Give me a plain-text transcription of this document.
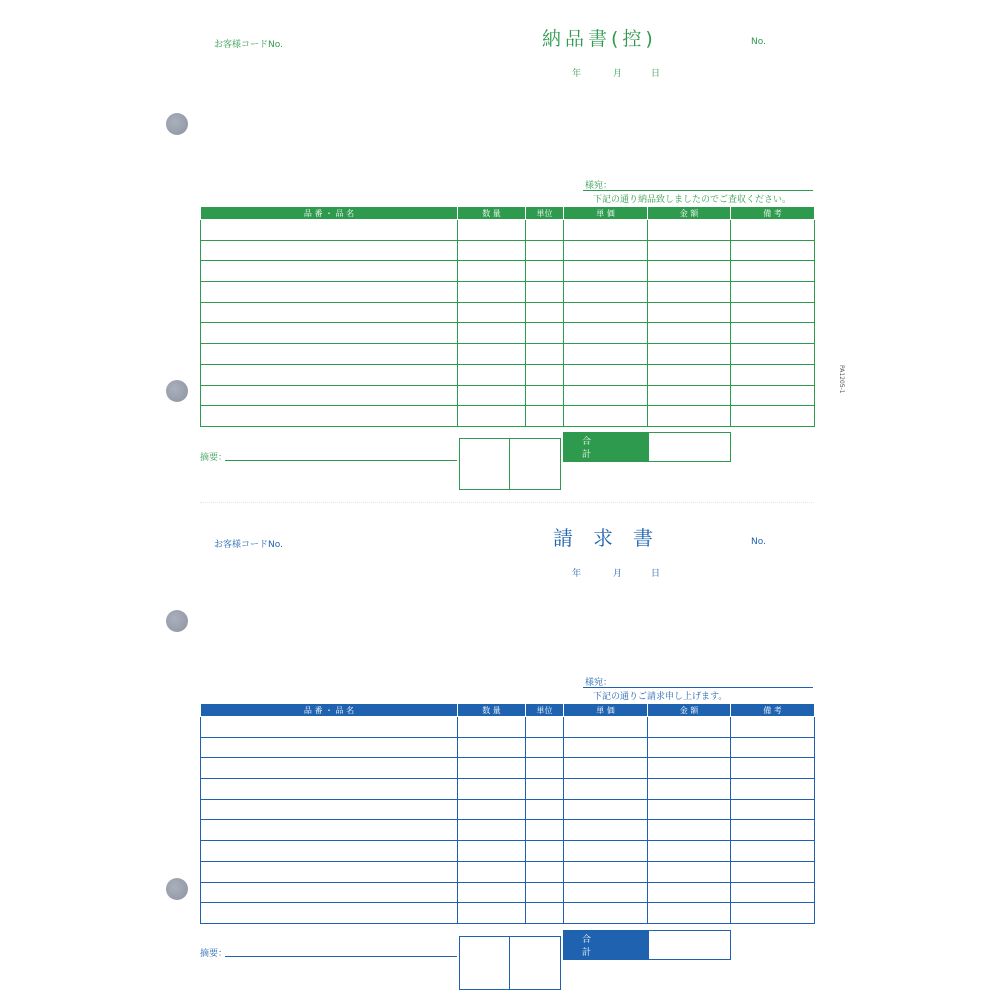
お客様コードNo.	納品書(控)	No.
年	月	日
様宛：
下記の通り納品致しましたのでご査収ください。
品 番 ・ 品 名	数 量	単位	単 価	金 額	備 考

摘要：
合 計
PA1205-1
お客様コードNo.	請求書	No.
年	月	日
様宛：
下記の通りご請求申し上げます。
品 番 ・ 品 名	数 量	単位	単 価	金 額	備 考

摘要：
合 計
